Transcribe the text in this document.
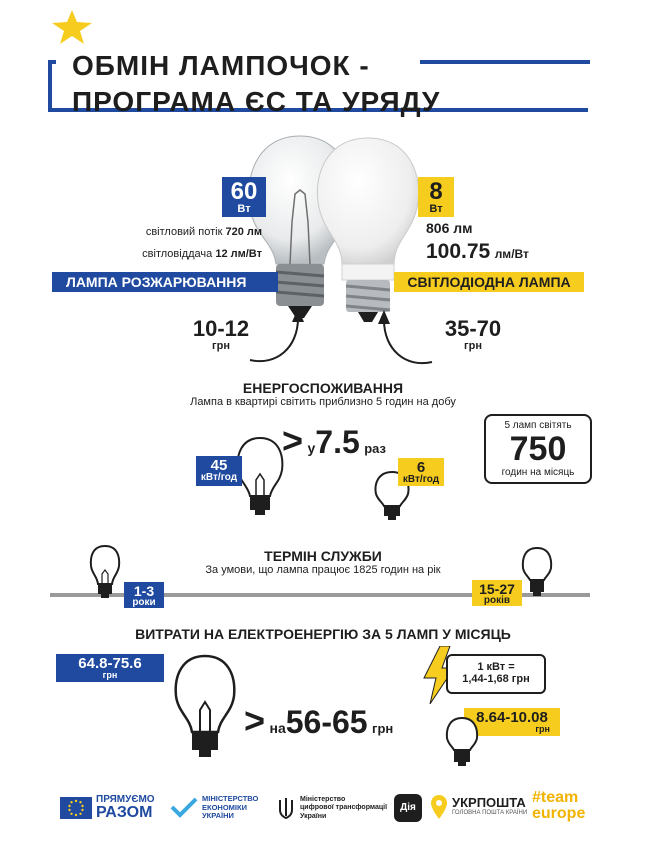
ОБМІН ЛАМПОЧОК -
ПРОГРАМА ЄС ТА УРЯДУ
60
Вт
світловий потік 720 лм
світловіддача 12 лм/Вт
ЛАМПА РОЗЖАРЮВАННЯ
8
Вт
806 лм
100.75 лм/Вт
СВІТЛОДІОДНА ЛАМПА
10-12
грн
35-70
грн
ЕНЕРГОСПОЖИВАННЯ
Лампа в квартирі світить приблизно 5 годин на добу
45
кВт/год
> у7.5 раз
6
кВт/год
5 ламп світять
750
годин на місяць
ТЕРМІН СЛУЖБИ
За умови, що лампа працює 1825 годин на рік
1-3
роки
15-27
років
ВИТРАТИ НА ЕЛЕКТРОЕНЕРГІЮ ЗА 5 ЛАМП У МІСЯЦЬ
64.8-75.6
грн
> на56-65 грн
1 кВт =
1,44-1,68 грн
8.64-10.08
грн
ПРЯМУЄМО
РАЗОМ
МІНІСТЕРСТВО
ЕКОНОМІКИ
УКРАЇНИ
Міністерство
цифрової трансформації
України
Дія	УКРПОШТА
ГОЛОВНА ПОШТА КРАЇНИ
#team
europe
